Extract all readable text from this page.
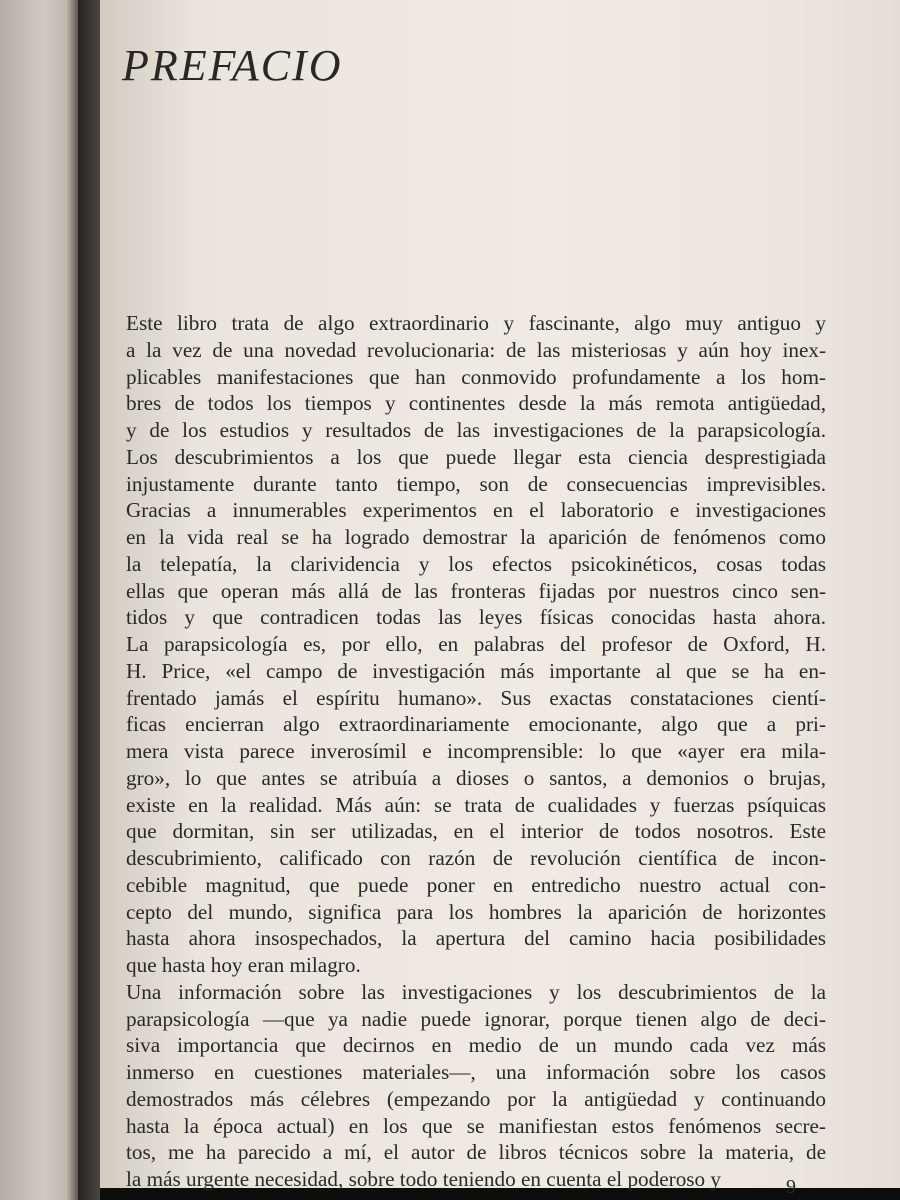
PREFACIO

Este libro trata de algo extraordinario y fascinante, algo muy antiguo y
a la vez de una novedad revolucionaria: de las misteriosas y aún hoy inex-
plicables manifestaciones que han conmovido profundamente a los hom-
bres de todos los tiempos y continentes desde la más remota antigüedad,
y de los estudios y resultados de las investigaciones de la parapsicología.
Los descubrimientos a los que puede llegar esta ciencia desprestigiada
injustamente durante tanto tiempo, son de consecuencias imprevisibles.
Gracias a innumerables experimentos en el laboratorio e investigaciones
en la vida real se ha logrado demostrar la aparición de fenómenos como
la telepatía, la clarividencia y los efectos psicokinéticos, cosas todas
ellas que operan más allá de las fronteras fijadas por nuestros cinco sen-
tidos y que contradicen todas las leyes físicas conocidas hasta ahora.
La parapsicología es, por ello, en palabras del profesor de Oxford, H.
H. Price, «el campo de investigación más importante al que se ha en-
frentado jamás el espíritu humano». Sus exactas constataciones cientí-
ficas encierran algo extraordinariamente emocionante, algo que a pri-
mera vista parece inverosímil e incomprensible: lo que «ayer era mila-
gro», lo que antes se atribuía a dioses o santos, a demonios o brujas,
existe en la realidad. Más aún: se trata de cualidades y fuerzas psíquicas
que dormitan, sin ser utilizadas, en el interior de todos nosotros. Este
descubrimiento, calificado con razón de revolución científica de incon-
cebible magnitud, que puede poner en entredicho nuestro actual con-
cepto del mundo, significa para los hombres la aparición de horizontes
hasta ahora insospechados, la apertura del camino hacia posibilidades
que hasta hoy eran milagro.

Una información sobre las investigaciones y los descubrimientos de la
parapsicología —que ya nadie puede ignorar, porque tienen algo de deci-
siva importancia que decirnos en medio de un mundo cada vez más
inmerso en cuestiones materiales—, una información sobre los casos
demostrados más célebres (empezando por la antigüedad y continuando
hasta la época actual) en los que se manifiestan estos fenómenos secre-
tos, me ha parecido a mí, el autor de libros técnicos sobre la materia, de
la más urgente necesidad, sobre todo teniendo en cuenta el poderoso y	9
